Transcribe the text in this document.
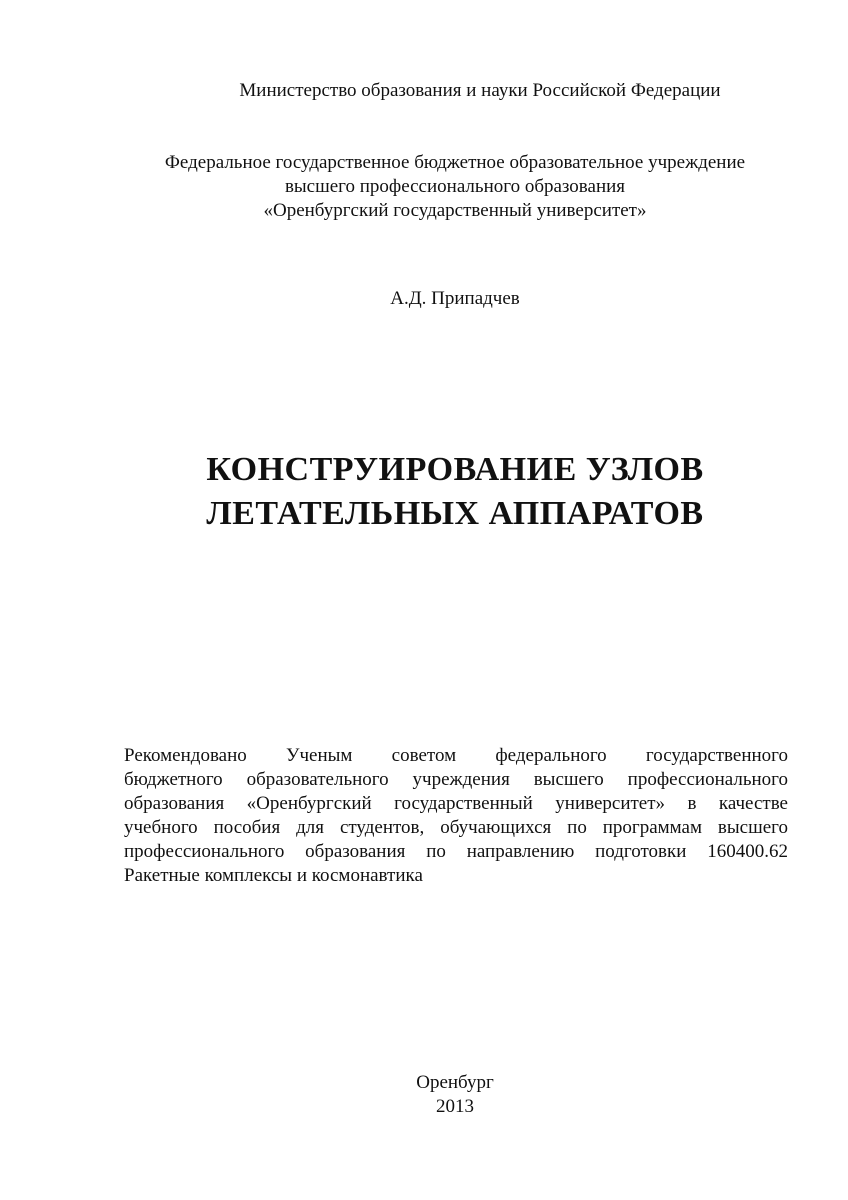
Министерство образования и науки Российской Федерации
Федеральное государственное бюджетное образовательное учреждение
высшего профессионального образования
«Оренбургский государственный университет»
А.Д. Припадчев
КОНСТРУИРОВАНИЕ УЗЛОВ
ЛЕТАТЕЛЬНЫХ АППАРАТОВ
Рекомендовано Ученым советом федерального государственного
бюджетного образовательного учреждения высшего профессионального
образования «Оренбургский государственный университет» в качестве
учебного пособия для студентов, обучающихся по программам высшего
профессионального образования по направлению подготовки 160400.62
Ракетные комплексы и космонавтика
Оренбург
2013
